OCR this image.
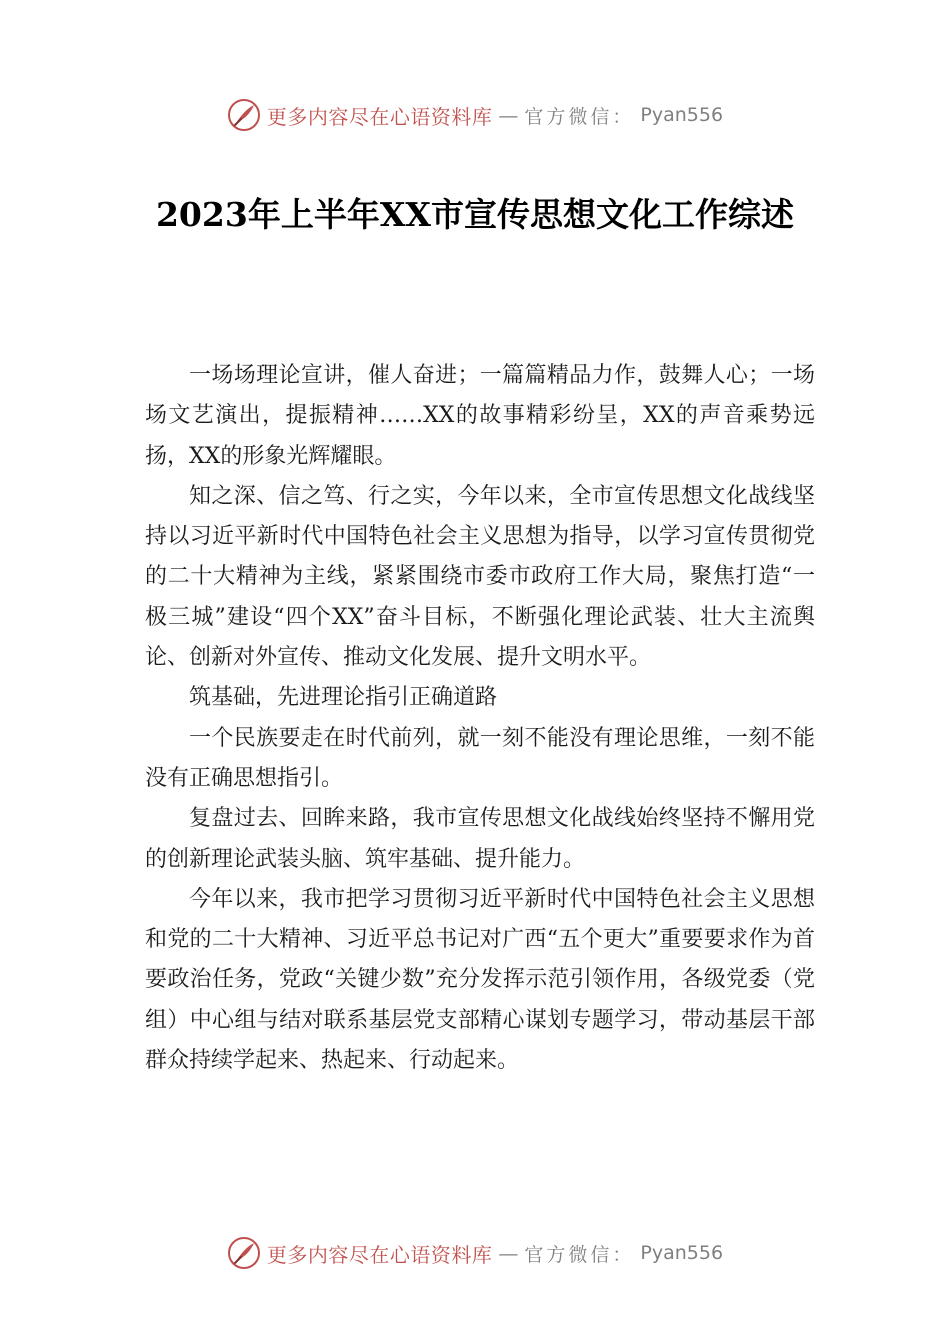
更多内容尽在心语资料库 — 官方微信： Pyan556
2023年上半年XX市宣传思想文化工作综述

一场场理论宣讲，催人奋进；一篇篇精品力作，鼓舞人心；一场场文艺演出，提振精神……XX的故事精彩纷呈，XX的声音乘势远扬，XX的形象光辉耀眼。

知之深、信之笃、行之实，今年以来，全市宣传思想文化战线坚持以习近平新时代中国特色社会主义思想为指导，以学习宣传贯彻党的二十大精神为主线，紧紧围绕市委市政府工作大局，聚焦打造“一极三城”建设“四个XX”奋斗目标，不断强化理论武装、壮大主流舆论、创新对外宣传、推动文化发展、提升文明水平。

筑基础，先进理论指引正确道路

一个民族要走在时代前列，就一刻不能没有理论思维，一刻不能没有正确思想指引。

复盘过去、回眸来路，我市宣传思想文化战线始终坚持不懈用党的创新理论武装头脑、筑牢基础、提升能力。

今年以来，我市把学习贯彻习近平新时代中国特色社会主义思想和党的二十大精神、习近平总书记对广西“五个更大”重要要求作为首要政治任务，党政“关键少数”充分发挥示范引领作用，各级党委（党组）中心组与结对联系基层党支部精心谋划专题学习，带动基层干部群众持续学起来、热起来、行动起来。

更多内容尽在心语资料库 — 官方微信： Pyan556
